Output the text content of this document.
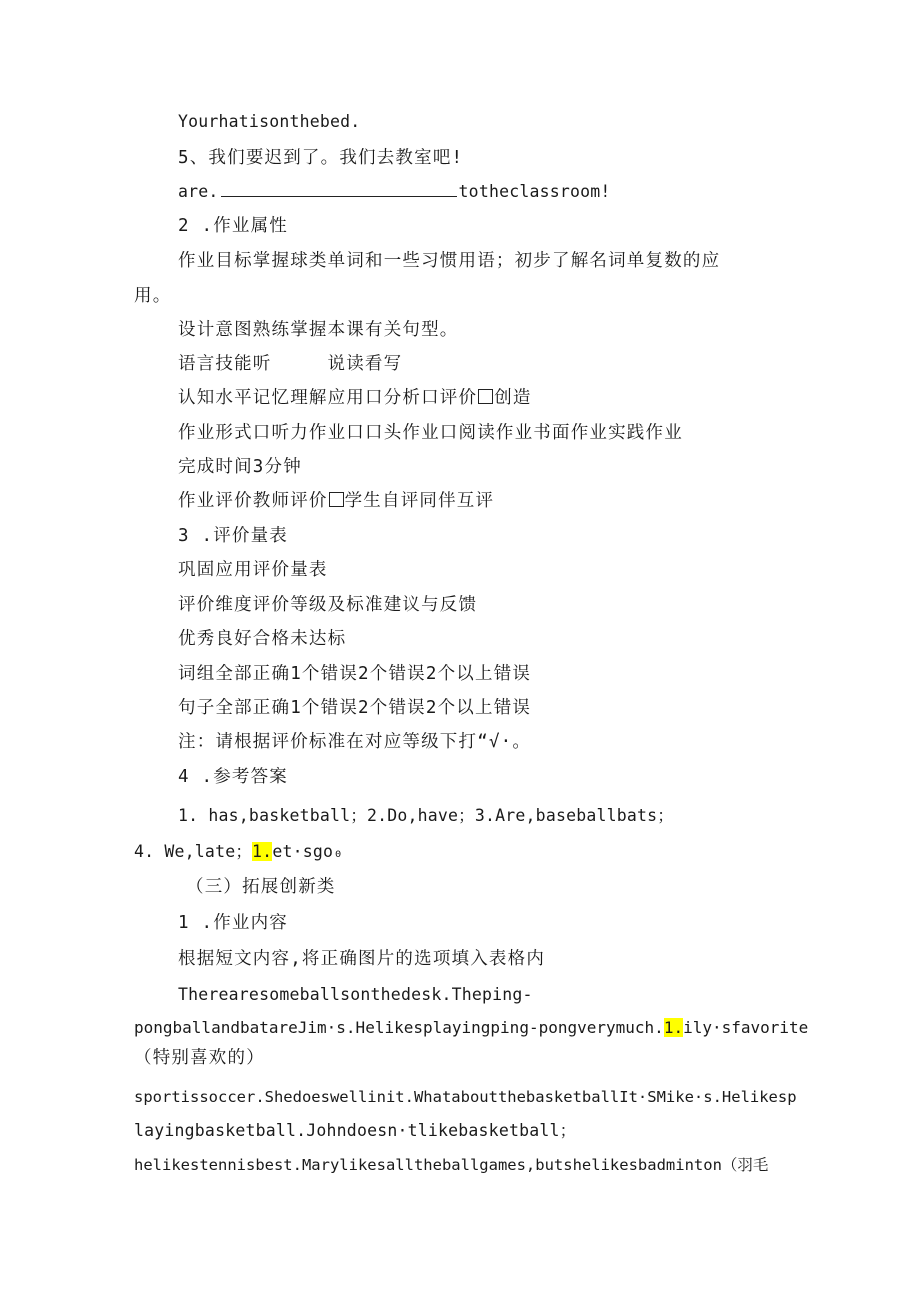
Yourhatisonthebed.
5、我们要迟到了。我们去教室吧!
are.	totheclassroom!
2 .作业属性
作业目标掌握球类单词和一些习惯用语；初步了解名词单复数的应
用。
设计意图熟练掌握本课有关句型。
语言技能听	说读看写
认知水平记忆理解应用口分析口评价 创造
作业形式口听力作业口口头作业口阅读作业书面作业实践作业
完成时间3分钟
作业评价教师评价 学生自评同伴互评
3 .评价量表
巩固应用评价量表
评价维度评价等级及标准建议与反馈
优秀良好合格未达标
词组全部正确1个错误2个错误2个以上错误
句子全部正确1个错误2个错误2个以上错误
注：请根据评价标准在对应等级下打“√·。
4 .参考答案
1. has,basketball；2.Do,have；3.Are,baseballbats；
4. We,late；1.et·sgo₀
（三）拓展创新类
1 .作业内容
根据短文内容,将正确图片的选项填入表格内
Therearesomeballsonthedesk.Theping-
pongballandbatareJim·s.Helikesplayingping-pongverymuch.1.ily·sfavorite
（特别喜欢的）
sportissoccer.Shedoeswellinit.WhataboutthebasketballIt·SMike·s.Helikesp
layingbasketball.Johndoesn·tlikebasketball；
helikestennisbest.Marylikesalltheballgames,butshelikesbadminton（羽毛
